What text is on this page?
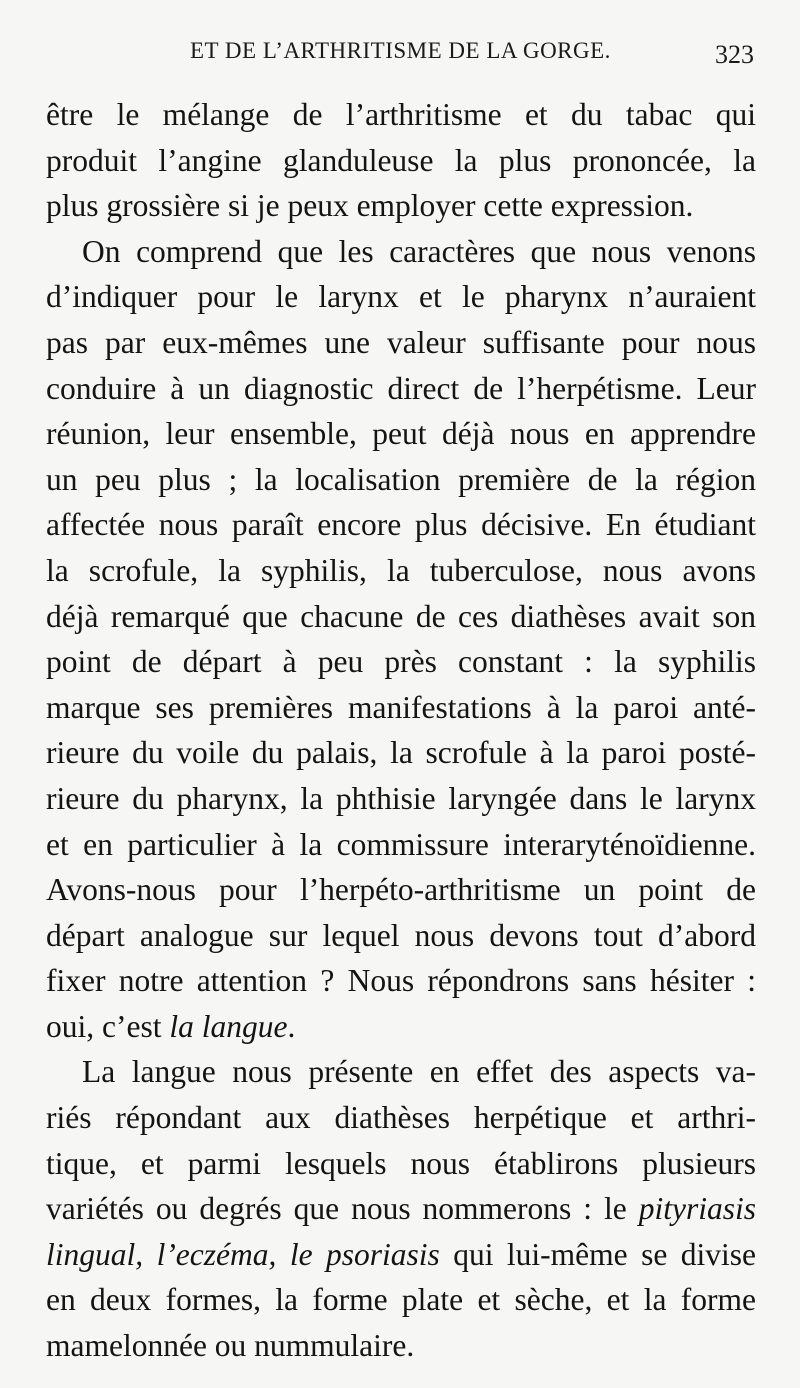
ET DE L’ARTHRITISME DE LA GORGE.	323
être le mélange de l’arthritisme et du tabac qui
produit l’angine glanduleuse la plus prononcée, la
plus grossière si je peux employer cette expression.
On comprend que les caractères que nous venons
d’indiquer pour le larynx et le pharynx n’auraient
pas par eux-mêmes une valeur suffisante pour nous
conduire à un diagnostic direct de l’herpétisme. Leur
réunion, leur ensemble, peut déjà nous en apprendre
un peu plus ; la localisation première de la région
affectée nous paraît encore plus décisive. En étudiant
la scrofule, la syphilis, la tuberculose, nous avons
déjà remarqué que chacune de ces diathèses avait son
point de départ à peu près constant : la syphilis
marque ses premières manifestations à la paroi anté-
rieure du voile du palais, la scrofule à la paroi posté-
rieure du pharynx, la phthisie laryngée dans le larynx
et en particulier à la commissure interaryténoïdienne.
Avons-nous pour l’herpéto-arthritisme un point de
départ analogue sur lequel nous devons tout d’abord
fixer notre attention ? Nous répondrons sans hésiter :
oui, c’est la langue.
La langue nous présente en effet des aspects va-
riés répondant aux diathèses herpétique et arthri-
tique, et parmi lesquels nous établirons plusieurs
variétés ou degrés que nous nommerons : le pityriasis
lingual, l’eczéma, le psoriasis qui lui-même se divise
en deux formes, la forme plate et sèche, et la forme
mamelonnée ou nummulaire.
